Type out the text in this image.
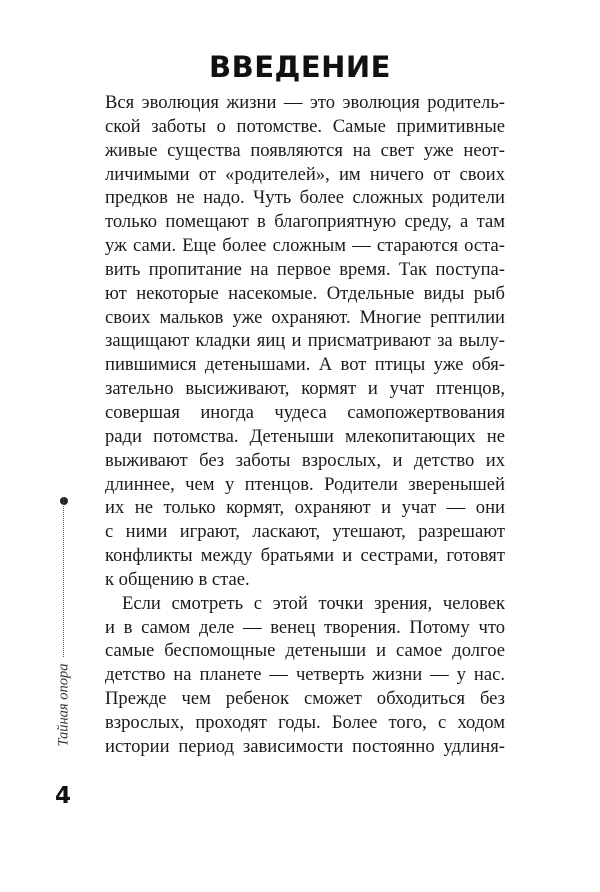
ВВЕДЕНИЕ
Вся эволюция жизни — это эволюция родитель-
ской заботы о потомстве. Самые примитивные
живые существа появляются на свет уже неот-
личимыми от «родителей», им ничего от своих
предков не надо. Чуть более сложных родители
только помещают в благоприятную среду, а там
уж сами. Еще более сложным — стараются оста-
вить пропитание на первое время. Так поступа-
ют некоторые насекомые. Отдельные виды рыб
своих мальков уже охраняют. Многие рептилии
защищают кладки яиц и присматривают за вылу-
пившимися детенышами. А вот птицы уже обя-
зательно высиживают, кормят и учат птенцов,
совершая иногда чудеса самопожертвования
ради потомства. Детеныши млекопитающих не
выживают без заботы взрослых, и детство их
длиннее, чем у птенцов. Родители зверенышей
их не только кормят, охраняют и учат — они
с ними играют, ласкают, утешают, разрешают
конфликты между братьями и сестрами, готовят
к общению в стае.
Если смотреть с этой точки зрения, человек
и в самом деле — венец творения. Потому что
самые беспомощные детеныши и самое долгое
детство на планете — четверть жизни — у нас.
Прежде чем ребенок сможет обходиться без
взрослых, проходят годы. Более того, с ходом
истории период зависимости постоянно удлиня-
Тайная опора
4
